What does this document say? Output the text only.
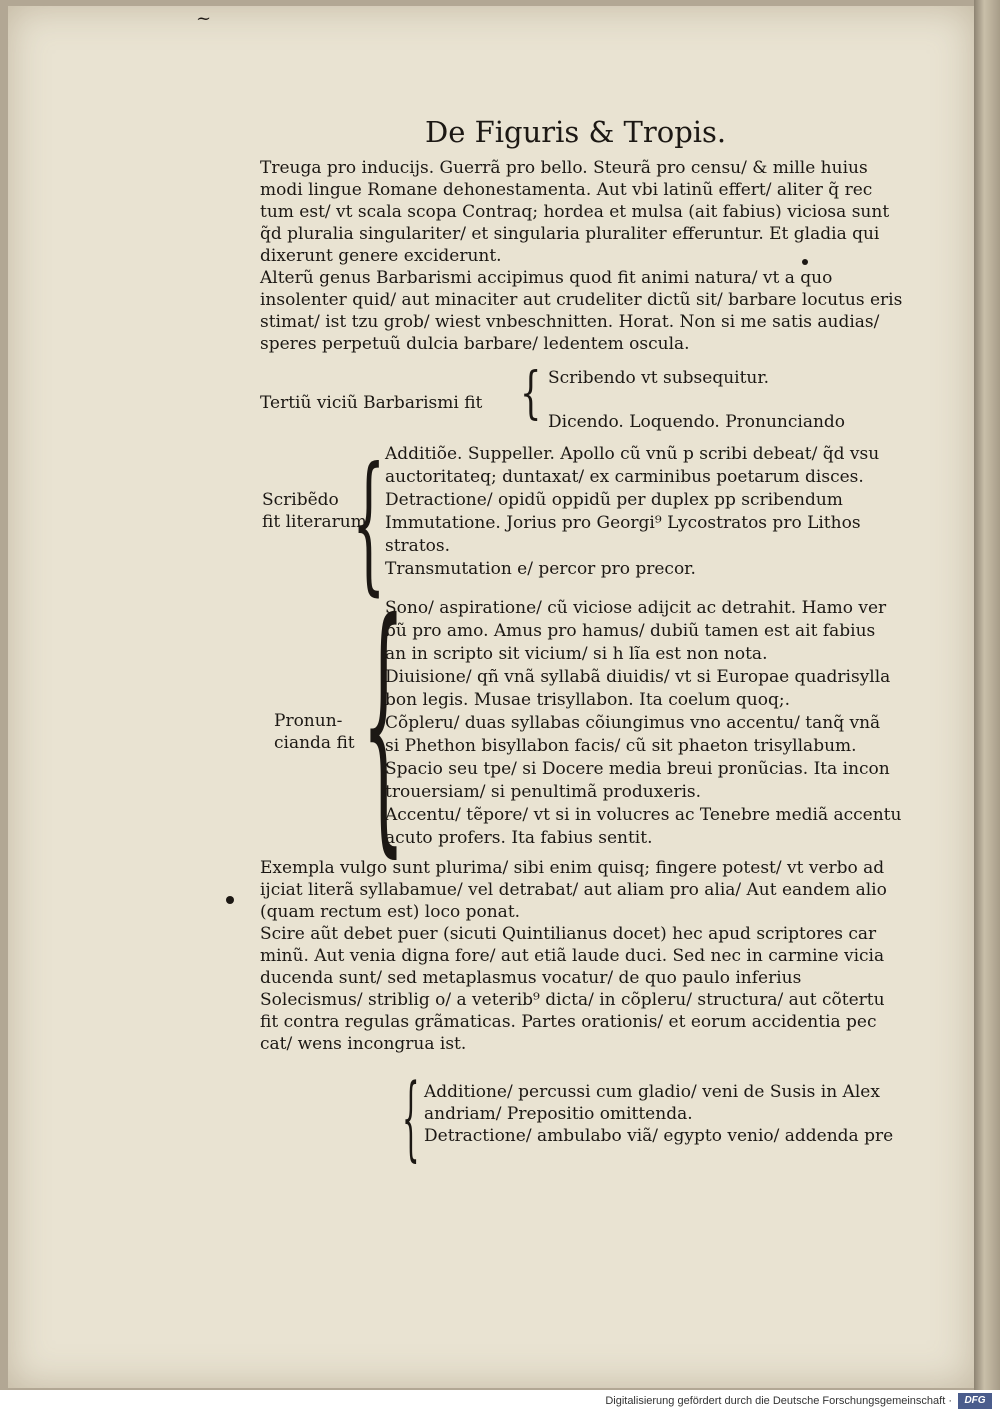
~
De Figuris & Tropis.
Treuga pro inducijs. Guerrã pro bello. Steurã pro censu/ & mille huius
modi lingue Romane dehonestamenta. Aut vbi latinũ effert/ aliter q̃ rec
tum est/ vt scala scopa Contraq; hordea et mulsa (ait fabius) viciosa sunt
q̃d pluralia singulariter/ et singularia pluraliter efferuntur. Et gladia qui
dixerunt genere exciderunt.
Alterũ genus Barbarismi accipimus quod fit animi natura/ vt a quo
insolenter quid/ aut minaciter aut crudeliter dictũ sit/ barbare locutus eris
stimat/ ist tzu grob/ wiest vnbeschnitten. Horat. Non si me satis audias/
speres perpetuũ dulcia barbare/ ledentem oscula.
Tertiũ viciũ Barbarismi fit { Scribendo vt subsequitur.
Dicendo. Loquendo. Pronunciando
Scribẽdo
fit literarum
{ Additiõe. Suppeller. Apollo cũ vnũ p scribi debeat/ q̃d vsu
auctoritateq; duntaxat/ ex carminibus poetarum disces.
Detractione/ opidũ oppidũ per duplex pp scribendum
Immutatione. Jorius pro Georgi⁹ Lycostratos pro Lithos
stratos.
Transmutation e/ percor pro precor.
Pronun-
cianda fit {
Sono/ aspiratione/ cũ viciose adijcit ac detrahit. Hamo ver
bũ pro amo. Amus pro hamus/ dubiũ tamen est ait fabius
an in scripto sit vicium/ si h lĩa est non nota.
Diuisione/ qñ vnã syllabã diuidis/ vt si Europae quadrisylla
bon legis. Musae trisyllabon. Ita coelum quoq;.
Cõpleru/ duas syllabas cõiungimus vno accentu/ tanq̃ vnã
si Phethon bisyllabon facis/ cũ sit phaeton trisyllabum.
Spacio seu tpe/ si Docere media breui pronũcias. Ita incon
trouersiam/ si penultimã produxeris.
Accentu/ tẽpore/ vt si in volucres ac Tenebre mediã accentu
acuto profers. Ita fabius sentit.
Exempla vulgo sunt plurima/ sibi enim quisq; fingere potest/ vt verbo ad
ijciat literã syllabamue/ vel detrabat/ aut aliam pro alia/ Aut eandem alio
(quam rectum est) loco ponat.
Scire aũt debet puer (sicuti Quintilianus docet) hec apud scriptores car
minũ. Aut venia digna fore/ aut etiã laude duci. Sed nec in carmine vicia
ducenda sunt/ sed metaplasmus vocatur/ de quo paulo inferius
Solecismus/ striblig o/ a veterib⁹ dicta/ in cõpleru/ structura/ aut cõtertu
fit contra regulas grãmaticas. Partes orationis/ et eorum accidentia pec
cat/ wens incongrua ist.
{ Additione/ percussi cum gladio/ veni de Susis in Alex
andriam/ Prepositio omittenda.
Detractione/ ambulabo viã/ egypto venio/ addenda pre
Digitalisierung gefördert durch die Deutsche Forschungsgemeinschaft ·	DFG
